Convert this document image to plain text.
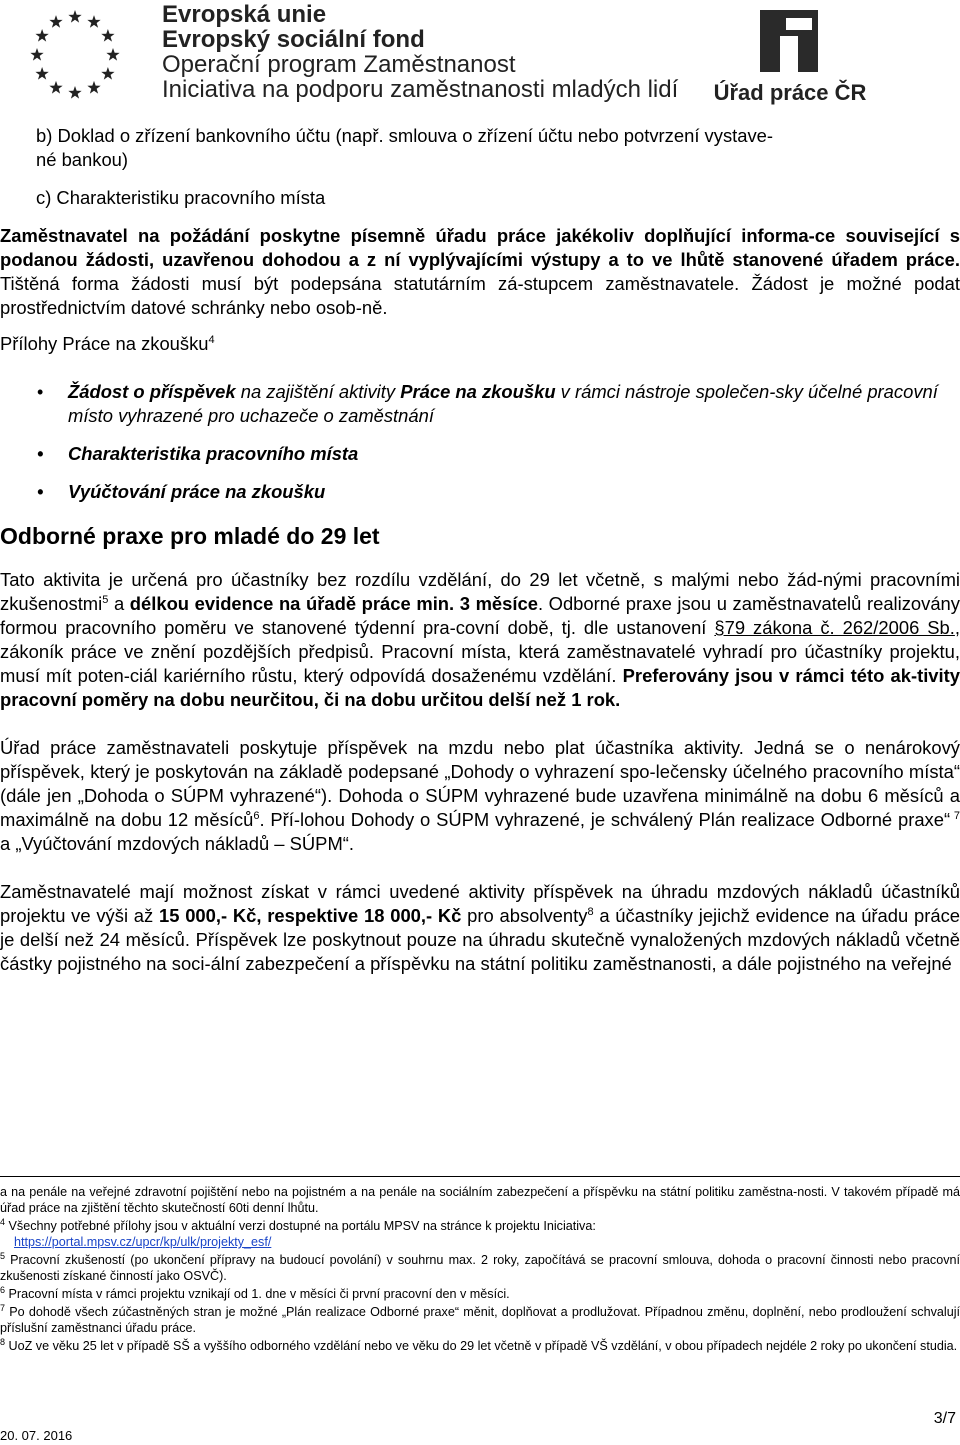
Evropská unie
Evropský sociální fond
Operační program Zaměstnanost
Iniciativa na podporu zaměstnanosti mladých lidí Úřad práce ČR

b) Doklad o zřízení bankovního účtu (např. smlouva o zřízení účtu nebo potvrzení vystave-
né bankou)

c) Charakteristiku pracovního místa

Zaměstnavatel na požádání poskytne písemně úřadu práce jakékoliv doplňující informa-ce související s podanou žádosti, uzavřenou dohodou a z ní vyplývajícími výstupy a to ve lhůtě stanovené úřadem práce. Tištěná forma žádosti musí být podepsána statutárním zá-stupcem zaměstnavatele. Žádost je možné podat prostřednictvím datové schránky nebo osob-ně.

Přílohy Práce na zkoušku$^4$

• Žádost o příspěvek na zajištění aktivity Práce na zkoušku v rámci nástroje společen-sky účelné pracovní místo vyhrazené pro uchazeče o zaměstnání

• Charakteristika pracovního místa

• Vyúčtování práce na zkoušku

Odborné praxe pro mladé do 29 let

Tato aktivita je určená pro účastníky bez rozdílu vzdělání, do 29 let včetně, s malými nebo žád-nými pracovními zkušenostmi$^5$ a délkou evidence na úřadě práce min. 3 měsíce. Odborné praxe jsou u zaměstnavatelů realizovány formou pracovního poměru ve stanovené týdenní pra-covní době, tj. dle ustanovení §79 zákona č. 262/2006 Sb., zákoník práce ve znění pozdějších předpisů. Pracovní místa, která zaměstnavatelé vyhradí pro účastníky projektu, musí mít poten-ciál kariérního růstu, který odpovídá dosaženému vzdělání. Preferovány jsou v rámci této ak-tivity pracovní poměry na dobu neurčitou, či na dobu určitou delší než 1 rok.

Úřad práce zaměstnavateli poskytuje příspěvek na mzdu nebo plat účastníka aktivity. Jedná se o nenárokový příspěvek, který je poskytován na základě podepsané „Dohody o vyhrazení spo-lečensky účelného pracovního místa“ (dále jen „Dohoda o SÚPM vyhrazené“). Dohoda o SÚPM vyhrazené bude uzavřena minimálně na dobu 6 měsíců a maximálně na dobu 12 měsíců$^6$. Pří-lohou Dohody o SÚPM vyhrazené, je schválený Plán realizace Odborné praxe“ $^7$ a „Vyúčtování mzdových nákladů – SÚPM“.

Zaměstnavatelé mají možnost získat v rámci uvedené aktivity příspěvek na úhradu mzdových nákladů účastníků projektu ve výši až 15 000,- Kč, respektive 18 000,- Kč pro absolventy$^8$ a účastníky jejichž evidence na úřadu práce je delší než 24 měsíců. Příspěvek lze poskytnout pouze na úhradu skutečně vynaložených mzdových nákladů včetně částky pojistného na soci-ální zabezpečení a příspěvku na státní politiku zaměstnanosti, a dále pojistného na veřejné

a na penále na veřejné zdravotní pojištění nebo na pojistném a na penále na sociálním zabezpečení a příspěvku na státní politiku zaměstna-nosti. V takovém případě má úřad práce na zjištění těchto skutečností 60ti denní lhůtu.

$^4$ Všechny potřebné přílohy jsou v aktuální verzi dostupné na portálu MPSV na stránce k projektu Iniciativa:
https://portal.mpsv.cz/upcr/kp/ulk/projekty_esf/

$^5$ Pracovní zkušeností (po ukončení přípravy na budoucí povolání) v souhrnu max. 2 roky, započítává se pracovní smlouva, dohoda o pracovní činnosti nebo pracovní zkušenosti získané činností jako OSVČ).

$^6$ Pracovní místa v rámci projektu vznikají od 1. dne v měsíci či první pracovní den v měsíci.

$^7$ Po dohodě všech zúčastněných stran je možné „Plán realizace Odborné praxe“ měnit, doplňovat a prodlužovat. Případnou změnu, doplnění, nebo prodloužení schvalují příslušní zaměstnanci úřadu práce.

$^8$ UoZ ve věku 25 let v případě SŠ a vyššího odborného vzdělání nebo ve věku do 29 let včetně v případě VŠ vzdělání, v obou případech nejdéle 2 roky po ukončení studia.

20. 07. 2016
3/7
